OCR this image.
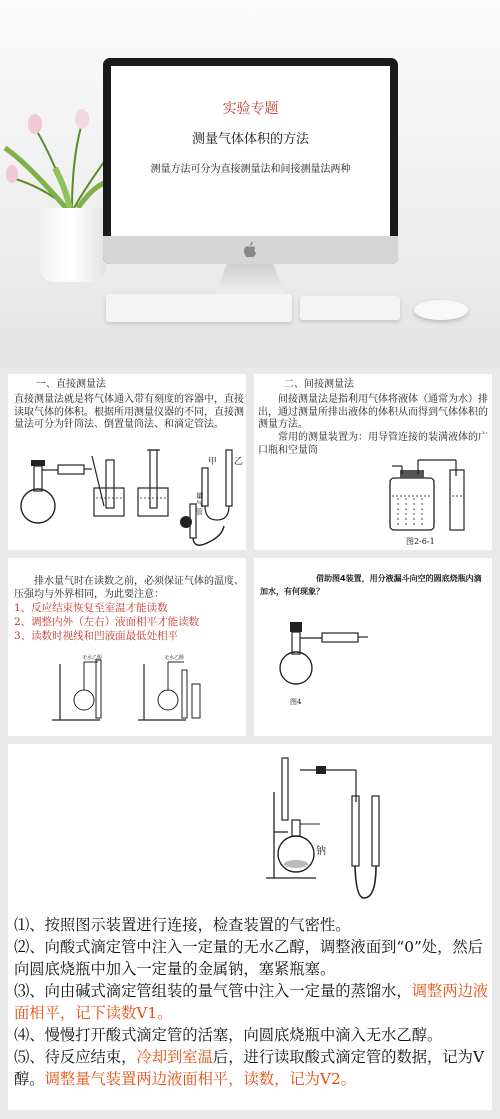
实验专题
测量气体体积的方法
测量方法可分为直接测量法和间接测量法两种
一、直接测量法
直接测量法就是将气体通入带有刻度的容器中，直接读取气体的体积。根据所用测量仪器的不同，直接测量法可分为针筒法、倒置量筒法、和滴定管法。
甲 乙
量气管
二、间接测量法
间接测量法是指利用气体将液体（通常为水）排出，通过测量所排出液体的体积从而得到气体体积的测量方法。
常用的测量装置为：用导管连接的装满液体的广口瓶和空量筒
图2-6-1
排水量气时在读数之前，必须保证气体的温度、压强均与外界相同，为此要注意：
1、反应结束恢复至室温才能读数
2、调整内外（左右）液面相平才能读数
3、读数时视线和凹液面最低处相平
无水乙醇	无水乙醇
借助图4装置，用分液漏斗向空的圆底烧瓶内滴加水，有何现象？
图4
钠
⑴、按照图示装置进行连接，检查装置的气密性。
⑵、向酸式滴定管中注入一定量的无水乙醇，调整液面到“0”处，然后向圆底烧瓶中加入一定量的金属钠，塞紧瓶塞。
⑶、向由碱式滴定管组装的量气管中注入一定量的蒸馏水，调整两边液面相平，记下读数V1。
⑷、慢慢打开酸式滴定管的活塞，向圆底烧瓶中滴入无水乙醇。
⑸、待反应结束，冷却到室温后，进行读取酸式滴定管的数据，记为V醇。调整量气装置两边液面相平，读数，记为V2。
